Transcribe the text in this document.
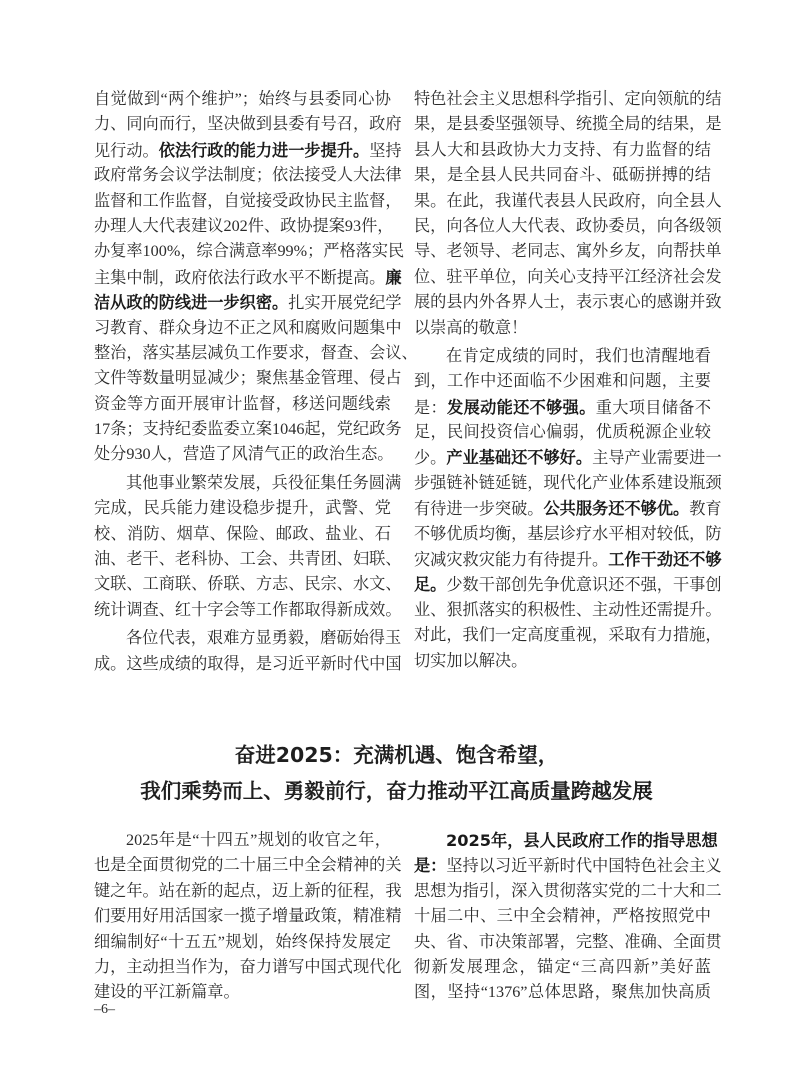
自觉做到“两个维护”；始终与县委同心协
力、同向而行，坚决做到县委有号召，政府
见行动。依法行政的能力进一步提升。坚持
政府常务会议学法制度；依法接受人大法律
监督和工作监督，自觉接受政协民主监督，
办理人大代表建议202件、政协提案93件，
办复率100%，综合满意率99%；严格落实民
主集中制，政府依法行政水平不断提高。廉
洁从政的防线进一步织密。扎实开展党纪学
习教育、群众身边不正之风和腐败问题集中
整治，落实基层减负工作要求，督查、会议、
文件等数量明显减少；聚焦基金管理、侵占
资金等方面开展审计监督，移送问题线索
17条；支持纪委监委立案1046起，党纪政务
处分930人，营造了风清气正的政治生态。
其他事业繁荣发展，兵役征集任务圆满
完成，民兵能力建设稳步提升，武警、党
校、消防、烟草、保险、邮政、盐业、石
油、老干、老科协、工会、共青团、妇联、
文联、工商联、侨联、方志、民宗、水文、
统计调查、红十字会等工作都取得新成效。
各位代表，艰难方显勇毅，磨砺始得玉
成。这些成绩的取得，是习近平新时代中国
特色社会主义思想科学指引、定向领航的结
果，是县委坚强领导、统揽全局的结果，是
县人大和县政协大力支持、有力监督的结
果，是全县人民共同奋斗、砥砺拼搏的结
果。在此，我谨代表县人民政府，向全县人
民，向各位人大代表、政协委员，向各级领
导、老领导、老同志、寓外乡友，向帮扶单
位、驻平单位，向关心支持平江经济社会发
展的县内外各界人士，表示衷心的感谢并致
以崇高的敬意！
在肯定成绩的同时，我们也清醒地看
到，工作中还面临不少困难和问题，主要
是：发展动能还不够强。重大项目储备不
足，民间投资信心偏弱，优质税源企业较
少。产业基础还不够好。主导产业需要进一
步强链补链延链，现代化产业体系建设瓶颈
有待进一步突破。公共服务还不够优。教育
不够优质均衡，基层诊疗水平相对较低，防
灾减灾救灾能力有待提升。工作干劲还不够
足。少数干部创先争优意识还不强，干事创
业、狠抓落实的积极性、主动性还需提升。
对此，我们一定高度重视，采取有力措施，
切实加以解决。
奋进2025：充满机遇、饱含希望，
我们乘势而上、勇毅前行，奋力推动平江高质量跨越发展
2025年是“十四五”规划的收官之年，
也是全面贯彻党的二十届三中全会精神的关
键之年。站在新的起点，迈上新的征程，我
们要用好用活国家一揽子增量政策，精准精
细编制好“十五五”规划，始终保持发展定
力，主动担当作为，奋力谱写中国式现代化
建设的平江新篇章。
2025年，县人民政府工作的指导思想
是：坚持以习近平新时代中国特色社会主义
思想为指引，深入贯彻落实党的二十大和二
十届二中、三中全会精神，严格按照党中
央、省、市决策部署，完整、准确、全面贯
彻新发展理念，锚定“三高四新”美好蓝
图，坚持“1376”总体思路，聚焦加快高质
–6–
